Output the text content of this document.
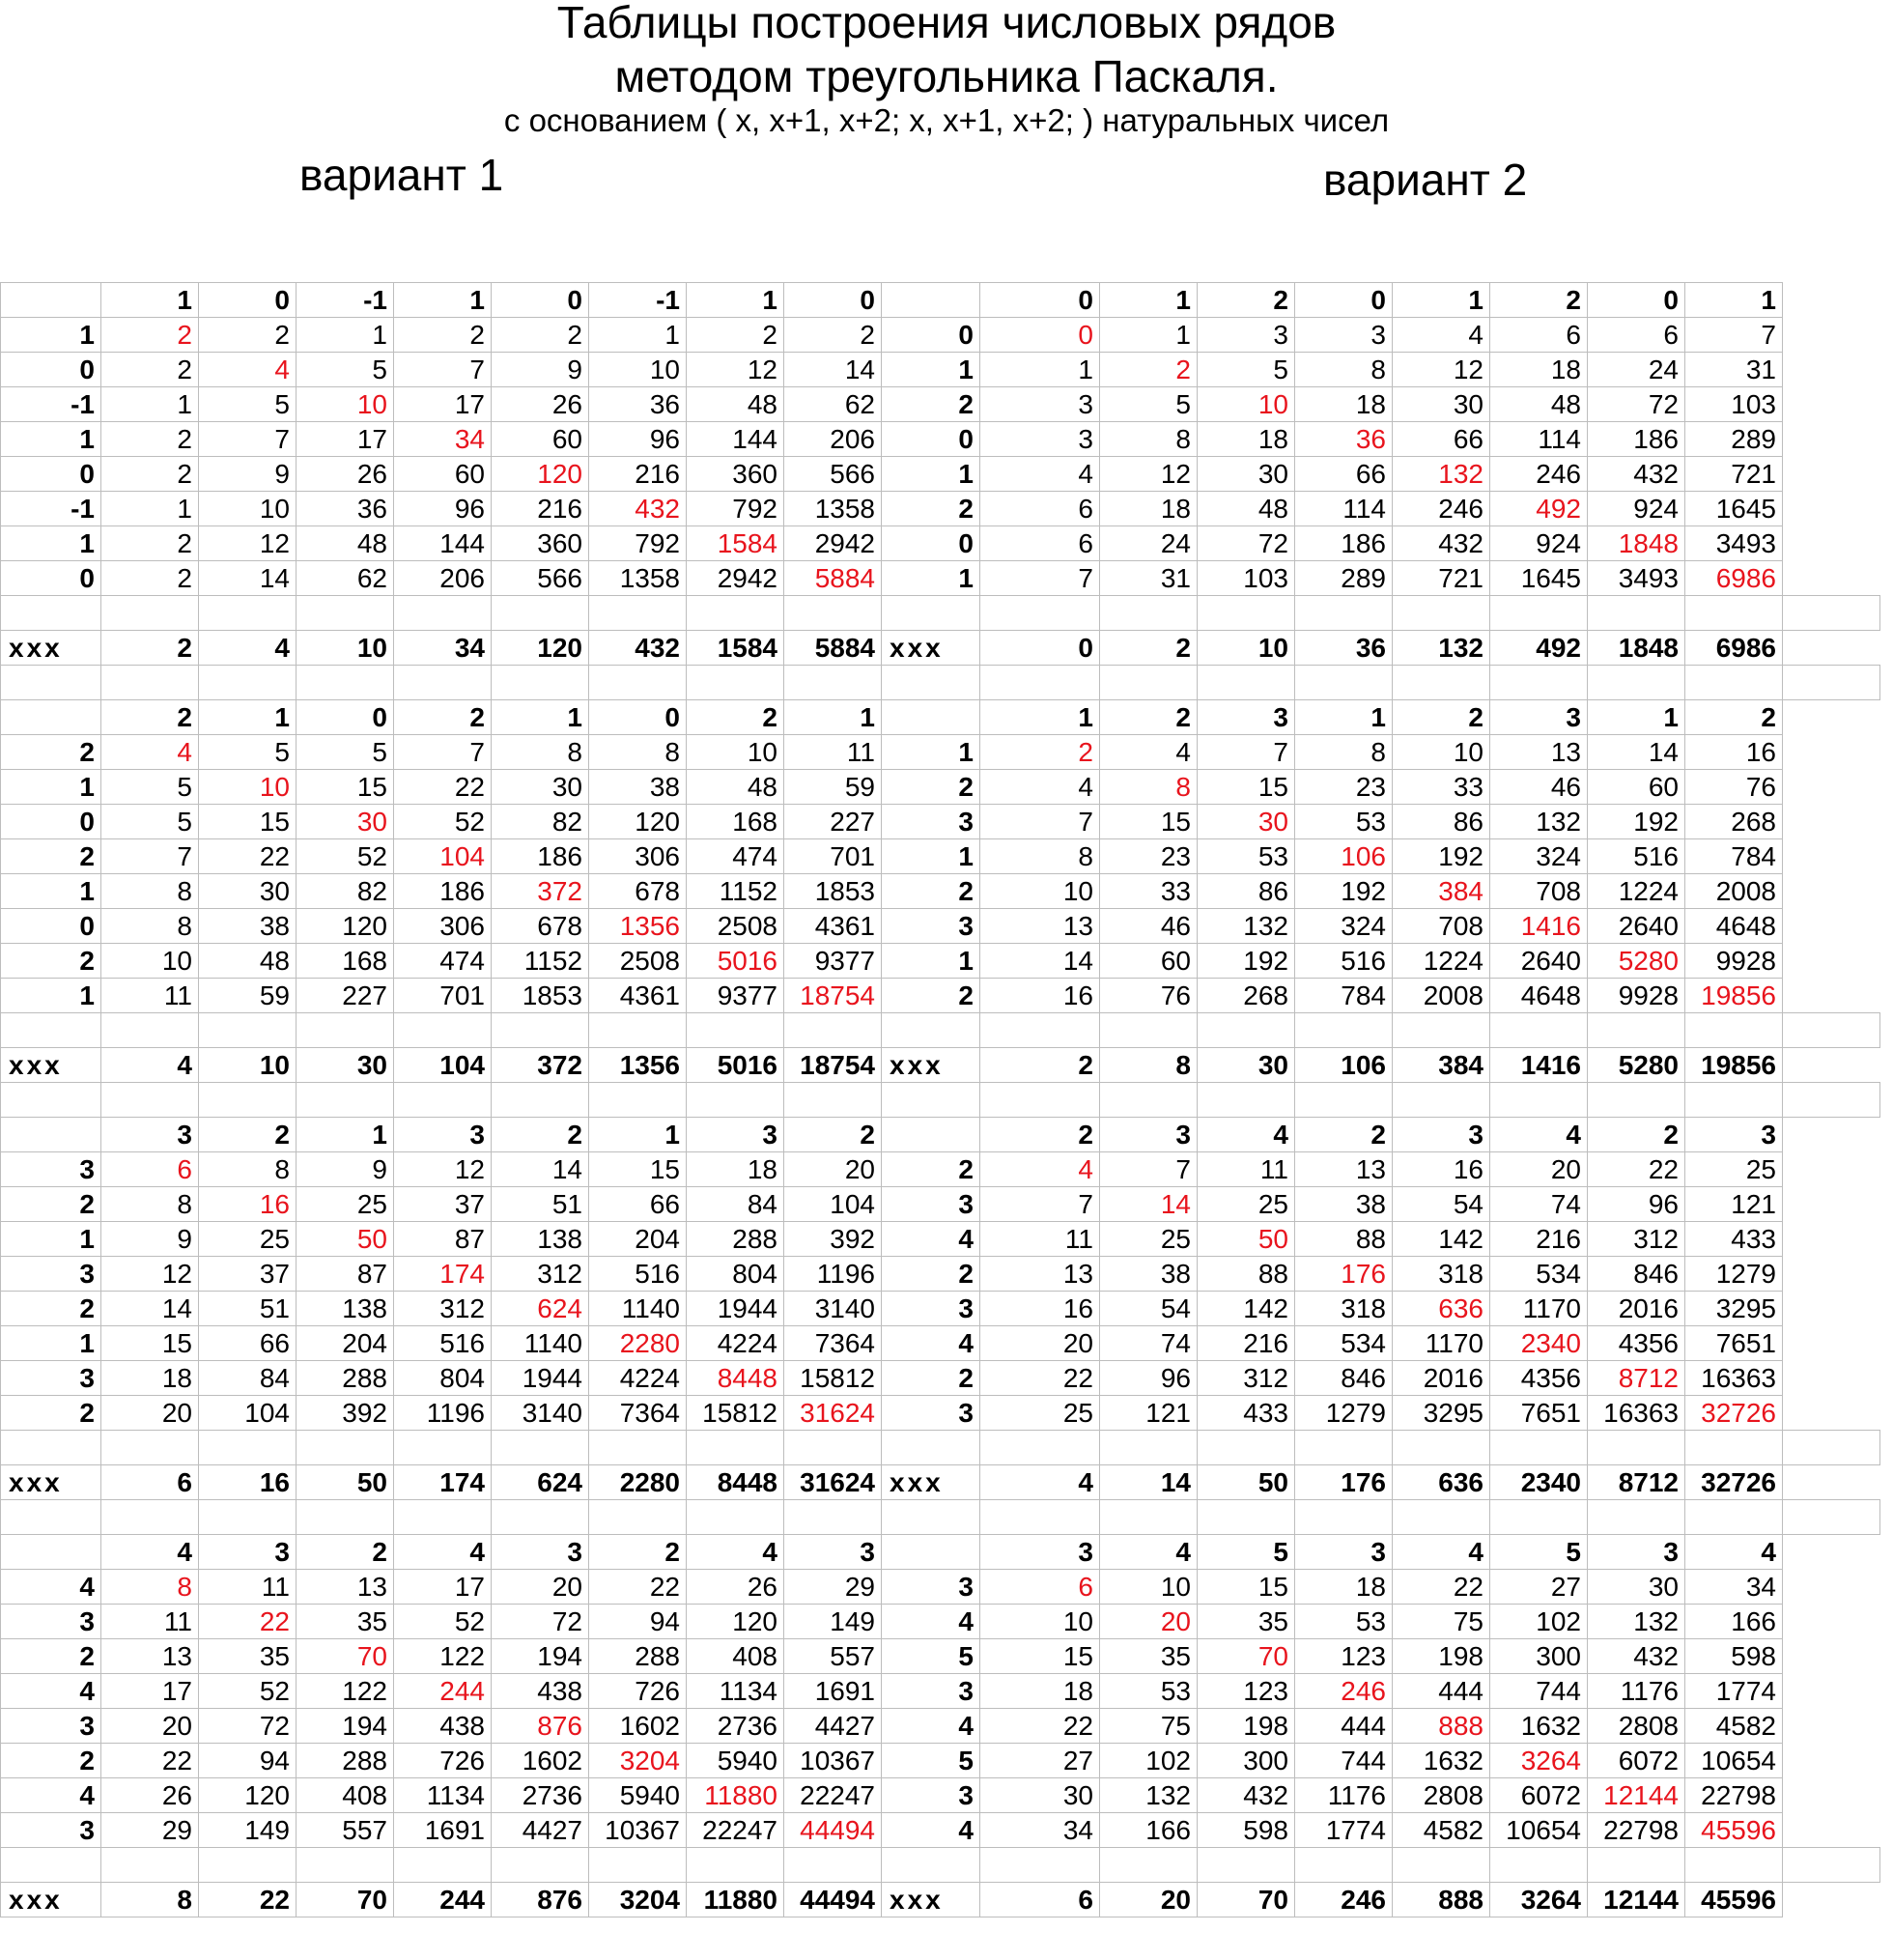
Таблицы построения числовых рядов
методом треугольника Паскаля.
с основанием ( x, x+1, x+2; x, x+1, x+2; ) натуральных чисел
вариант 1	вариант 2
	1	0	-1	1	0	-1	1	0		0	1	2	0	1	2	0	1	
1	2	2	1	2	2	1	2	2	0	0	1	3	3	4	6	6	7	
0	2	4	5	7	9	10	12	14	1	1	2	5	8	12	18	24	31	
-1	1	5	10	17	26	36	48	62	2	3	5	10	18	30	48	72	103	
1	2	7	17	34	60	96	144	206	0	3	8	18	36	66	114	186	289	
0	2	9	26	60	120	216	360	566	1	4	12	30	66	132	246	432	721	
-1	1	10	36	96	216	432	792	1358	2	6	18	48	114	246	492	924	1645	
1	2	12	48	144	360	792	1584	2942	0	6	24	72	186	432	924	1848	3493	
0	2	14	62	206	566	1358	2942	5884	1	7	31	103	289	721	1645	3493	6986	

xxx	2	4	10	34	120	432	1584	5884	xxx	0	2	10	36	132	492	1848	6986	

	2	1	0	2	1	0	2	1		1	2	3	1	2	3	1	2	
2	4	5	5	7	8	8	10	11	1	2	4	7	8	10	13	14	16	
1	5	10	15	22	30	38	48	59	2	4	8	15	23	33	46	60	76	
0	5	15	30	52	82	120	168	227	3	7	15	30	53	86	132	192	268	
2	7	22	52	104	186	306	474	701	1	8	23	53	106	192	324	516	784	
1	8	30	82	186	372	678	1152	1853	2	10	33	86	192	384	708	1224	2008	
0	8	38	120	306	678	1356	2508	4361	3	13	46	132	324	708	1416	2640	4648	
2	10	48	168	474	1152	2508	5016	9377	1	14	60	192	516	1224	2640	5280	9928	
1	11	59	227	701	1853	4361	9377	18754	2	16	76	268	784	2008	4648	9928	19856	

xxx	4	10	30	104	372	1356	5016	18754	xxx	2	8	30	106	384	1416	5280	19856	

	3	2	1	3	2	1	3	2		2	3	4	2	3	4	2	3	
3	6	8	9	12	14	15	18	20	2	4	7	11	13	16	20	22	25	
2	8	16	25	37	51	66	84	104	3	7	14	25	38	54	74	96	121	
1	9	25	50	87	138	204	288	392	4	11	25	50	88	142	216	312	433	
3	12	37	87	174	312	516	804	1196	2	13	38	88	176	318	534	846	1279	
2	14	51	138	312	624	1140	1944	3140	3	16	54	142	318	636	1170	2016	3295	
1	15	66	204	516	1140	2280	4224	7364	4	20	74	216	534	1170	2340	4356	7651	
3	18	84	288	804	1944	4224	8448	15812	2	22	96	312	846	2016	4356	8712	16363	
2	20	104	392	1196	3140	7364	15812	31624	3	25	121	433	1279	3295	7651	16363	32726	

xxx	6	16	50	174	624	2280	8448	31624	xxx	4	14	50	176	636	2340	8712	32726	

	4	3	2	4	3	2	4	3		3	4	5	3	4	5	3	4	
4	8	11	13	17	20	22	26	29	3	6	10	15	18	22	27	30	34	
3	11	22	35	52	72	94	120	149	4	10	20	35	53	75	102	132	166	
2	13	35	70	122	194	288	408	557	5	15	35	70	123	198	300	432	598	
4	17	52	122	244	438	726	1134	1691	3	18	53	123	246	444	744	1176	1774	
3	20	72	194	438	876	1602	2736	4427	4	22	75	198	444	888	1632	2808	4582	
2	22	94	288	726	1602	3204	5940	10367	5	27	102	300	744	1632	3264	6072	10654	
4	26	120	408	1134	2736	5940	11880	22247	3	30	132	432	1176	2808	6072	12144	22798	
3	29	149	557	1691	4427	10367	22247	44494	4	34	166	598	1774	4582	10654	22798	45596	

xxx	8	22	70	244	876	3204	11880	44494	xxx	6	20	70	246	888	3264	12144	45596	
